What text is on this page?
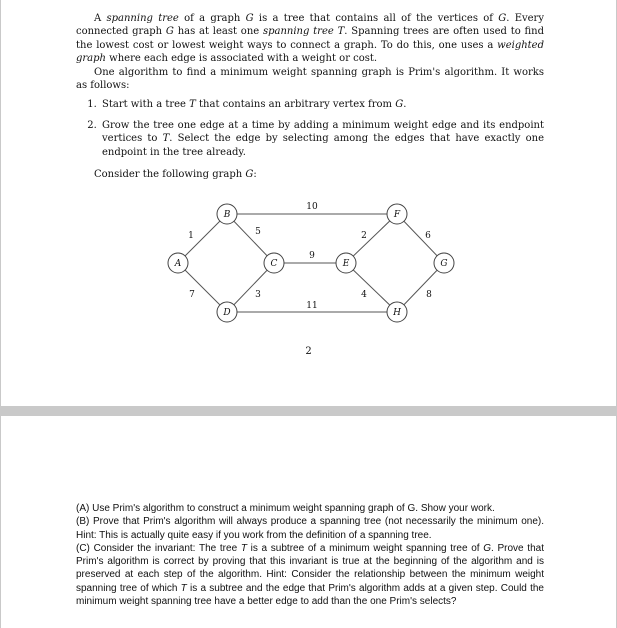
A spanning tree of a graph G is a tree that contains all of the vertices of G. Every connected graph G has at least one spanning tree T. Spanning trees are often used to find the lowest cost or lowest weight ways to connect a graph. To do this, one uses a weighted graph where each edge is associated with a weight or cost.

One algorithm to find a minimum weight spanning graph is Prim's algorithm. It works as follows:

1. Start with a tree T that contains an arbitrary vertex from G.
2. Grow the tree one edge at a time by adding a minimum weight edge and its endpoint vertices to T. Select the edge by selecting among the edges that have exactly one endpoint in the tree already.

Consider the following graph G:

1	5
10
2	6
9
7	3	4	8
11
A
B
C
D
E
F
G
H
2

(A) Use Prim's algorithm to construct a minimum weight spanning graph of G. Show your work.

(B) Prove that Prim's algorithm will always produce a spanning tree (not necessarily the minimum one). Hint: This is actually quite easy if you work from the definition of a spanning tree.

(C) Consider the invariant: The tree T is a subtree of a minimum weight spanning tree of G. Prove that Prim's algorithm is correct by proving that this invariant is true at the beginning of the algorithm and is preserved at each step of the algorithm. Hint: Consider the relationship between the minimum weight spanning tree of which T is a subtree and the edge that Prim's algorithm adds at a given step. Could the minimum weight spanning tree have a better edge to add than the one Prim's selects?
